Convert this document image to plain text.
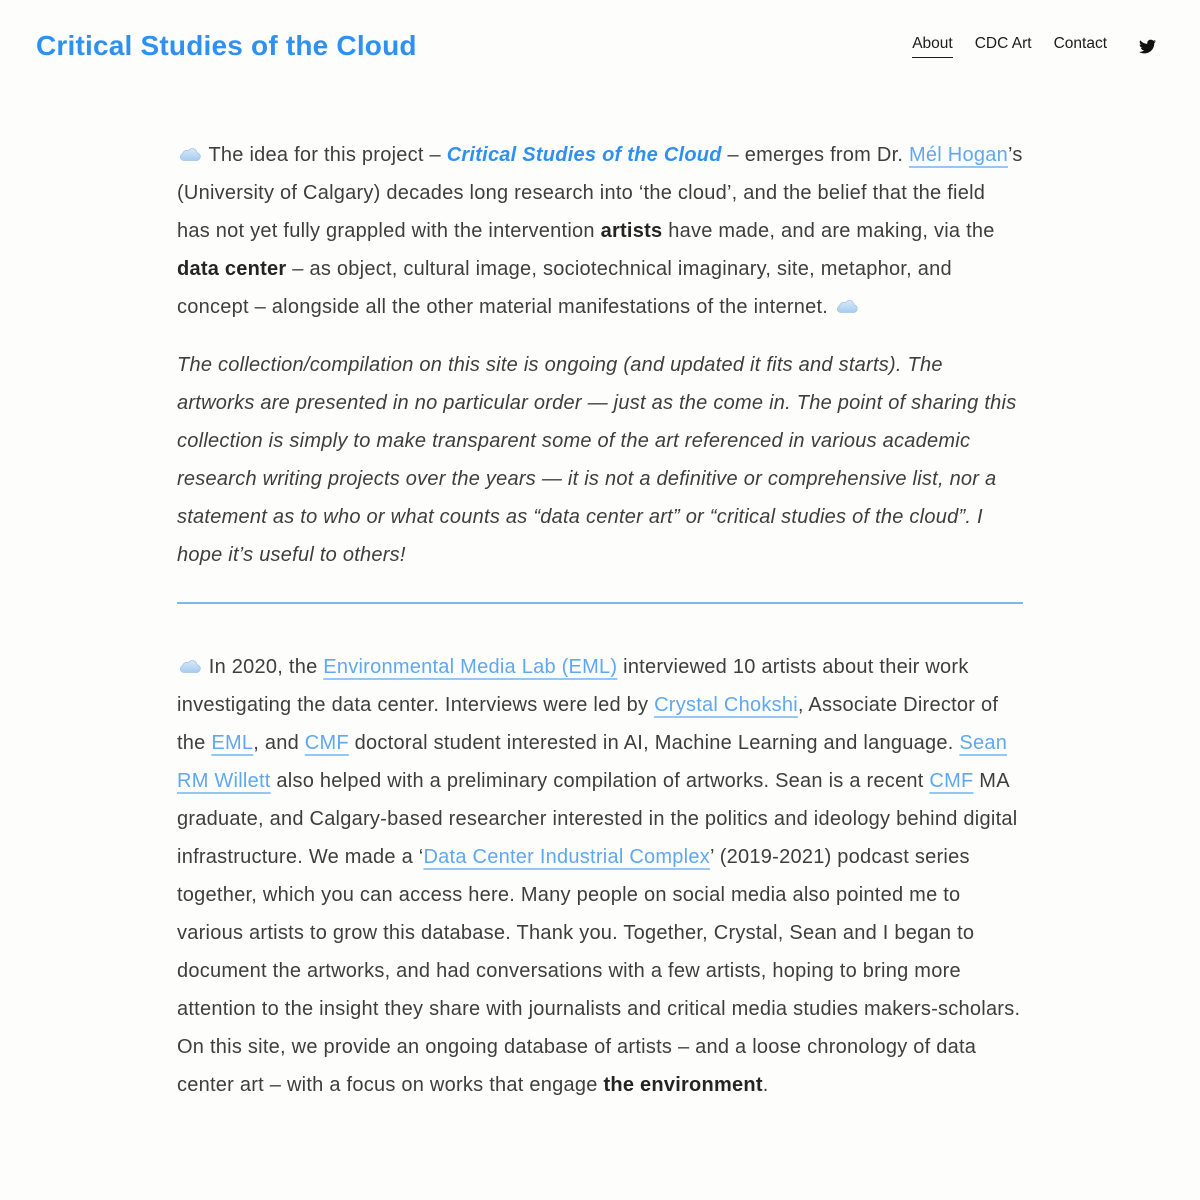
Critical Studies of the Cloud	About CDC Art Contact

The idea for this project – Critical Studies of the Cloud – emerges from Dr. Mél Hogan’s (University of Calgary) decades long research into ‘the cloud’, and the belief that the field has not yet fully grappled with the intervention artists have made, and are making, via the data center – as object, cultural image, sociotechnical imaginary, site, metaphor, and concept – alongside all the other material manifestations of the internet.

The collection/compilation on this site is ongoing (and updated it fits and starts). The artworks are presented in no particular order — just as the come in. The point of sharing this collection is simply to make transparent some of the art referenced in various academic research writing projects over the years — it is not a definitive or comprehensive list, nor a statement as to who or what counts as “data center art” or “critical studies of the cloud”. I hope it’s useful to others!

In 2020, the Environmental Media Lab (EML) interviewed 10 artists about their work investigating the data center. Interviews were led by Crystal Chokshi, Associate Director of the EML, and CMF doctoral student interested in AI, Machine Learning and language. Sean RM Willett also helped with a preliminary compilation of artworks. Sean is a recent CMF MA graduate, and Calgary-based researcher interested in the politics and ideology behind digital infrastructure. We made a ‘Data Center Industrial Complex’ (2019-2021) podcast series together, which you can access here. Many people on social media also pointed me to various artists to grow this database. Thank you. Together, Crystal, Sean and I began to document the artworks, and had conversations with a few artists, hoping to bring more attention to the insight they share with journalists and critical media studies makers-scholars. On this site, we provide an ongoing database of artists – and a loose chronology of data center art – with a focus on works that engage the environment.
